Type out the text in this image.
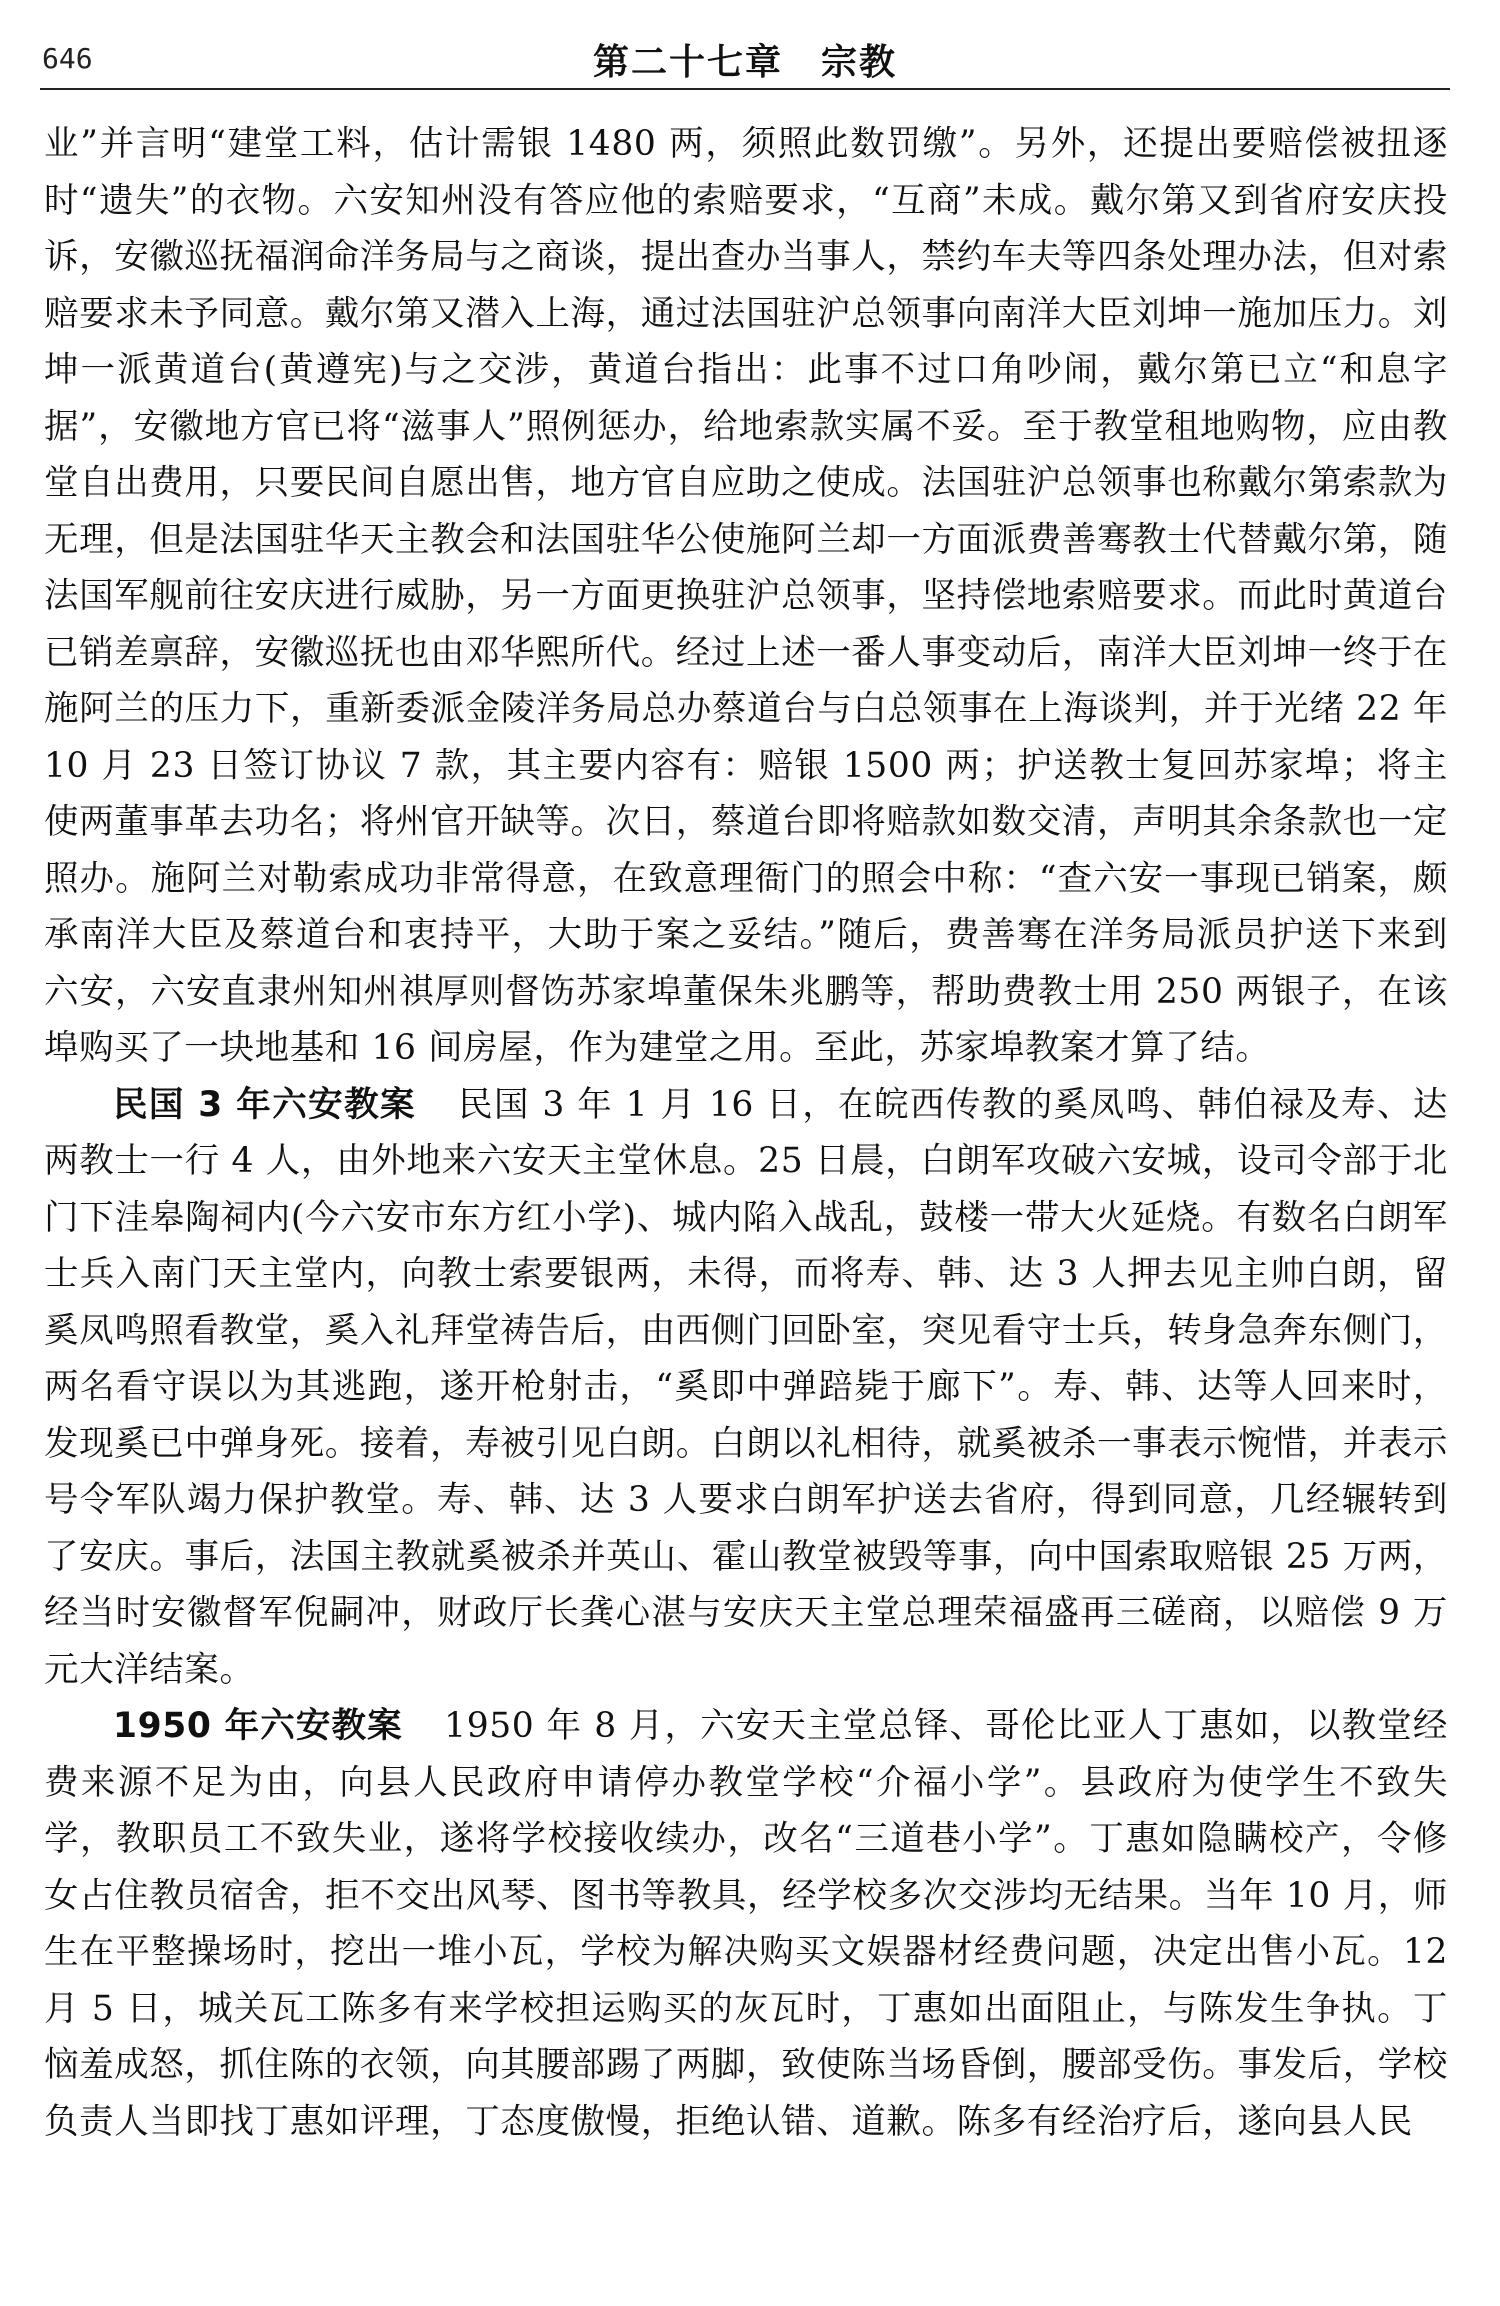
646	第二十七章　宗教

业”并言明“建堂工料，估计需银 1480 两，须照此数罚缴”。另外，还提出要赔偿被扭逐时“遗失”的衣物。六安知州没有答应他的索赔要求，“互商”未成。戴尔第又到省府安庆投诉，安徽巡抚福润命洋务局与之商谈，提出查办当事人，禁约车夫等四条处理办法，但对索赔要求未予同意。戴尔第又潜入上海，通过法国驻沪总领事向南洋大臣刘坤一施加压力。刘坤一派黄道台(黄遵宪)与之交涉，黄道台指出：此事不过口角吵闹，戴尔第已立“和息字据”，安徽地方官已将“滋事人”照例惩办，给地索款实属不妥。至于教堂租地购物，应由教堂自出费用，只要民间自愿出售，地方官自应助之使成。法国驻沪总领事也称戴尔第索款为无理，但是法国驻华天主教会和法国驻华公使施阿兰却一方面派费善骞教士代替戴尔第，随法国军舰前往安庆进行威胁，另一方面更换驻沪总领事，坚持偿地索赔要求。而此时黄道台已销差禀辞，安徽巡抚也由邓华熙所代。经过上述一番人事变动后，南洋大臣刘坤一终于在施阿兰的压力下，重新委派金陵洋务局总办蔡道台与白总领事在上海谈判，并于光绪 22 年 10 月 23 日签订协议 7 款，其主要内容有：赔银 1500 两；护送教士复回苏家埠；将主使两董事革去功名；将州官开缺等。次日，蔡道台即将赔款如数交清，声明其余条款也一定照办。施阿兰对勒索成功非常得意，在致意理衙门的照会中称：“查六安一事现已销案，颇承南洋大臣及蔡道台和衷持平，大助于案之妥结。”随后，费善骞在洋务局派员护送下来到六安，六安直隶州知州祺厚则督饬苏家埠董保朱兆鹏等，帮助费教士用 250 两银子，在该埠购买了一块地基和 16 间房屋，作为建堂之用。至此，苏家埠教案才算了结。

民国 3 年六安教案 民国 3 年 1 月 16 日，在皖西传教的奚凤鸣、韩伯禄及寿、达两教士一行 4 人，由外地来六安天主堂休息。25 日晨，白朗军攻破六安城，设司令部于北门下洼皋陶祠内(今六安市东方红小学)、城内陷入战乱，鼓楼一带大火延烧。有数名白朗军士兵入南门天主堂内，向教士索要银两，未得，而将寿、韩、达 3 人押去见主帅白朗，留奚凤鸣照看教堂，奚入礼拜堂祷告后，由西侧门回卧室，突见看守士兵，转身急奔东侧门，两名看守误以为其逃跑，遂开枪射击，“奚即中弹踣毙于廊下”。寿、韩、达等人回来时，发现奚已中弹身死。接着，寿被引见白朗。白朗以礼相待，就奚被杀一事表示惋惜，并表示号令军队竭力保护教堂。寿、韩、达 3 人要求白朗军护送去省府，得到同意，几经辗转到了安庆。事后，法国主教就奚被杀并英山、霍山教堂被毁等事，向中国索取赔银 25 万两，经当时安徽督军倪嗣冲，财政厅长龚心湛与安庆天主堂总理荣福盛再三磋商，以赔偿 9 万元大洋结案。

1950 年六安教案 1950 年 8 月，六安天主堂总铎、哥伦比亚人丁惠如，以教堂经费来源不足为由，向县人民政府申请停办教堂学校“介福小学”。县政府为使学生不致失学，教职员工不致失业，遂将学校接收续办，改名“三道巷小学”。丁惠如隐瞒校产，令修女占住教员宿舍，拒不交出风琴、图书等教具，经学校多次交涉均无结果。当年 10 月，师生在平整操场时，挖出一堆小瓦，学校为解决购买文娱器材经费问题，决定出售小瓦。12 月 5 日，城关瓦工陈多有来学校担运购买的灰瓦时，丁惠如出面阻止，与陈发生争执。丁恼羞成怒，抓住陈的衣领，向其腰部踢了两脚，致使陈当场昏倒，腰部受伤。事发后，学校负责人当即找丁惠如评理，丁态度傲慢，拒绝认错、道歉。陈多有经治疗后，遂向县人民
